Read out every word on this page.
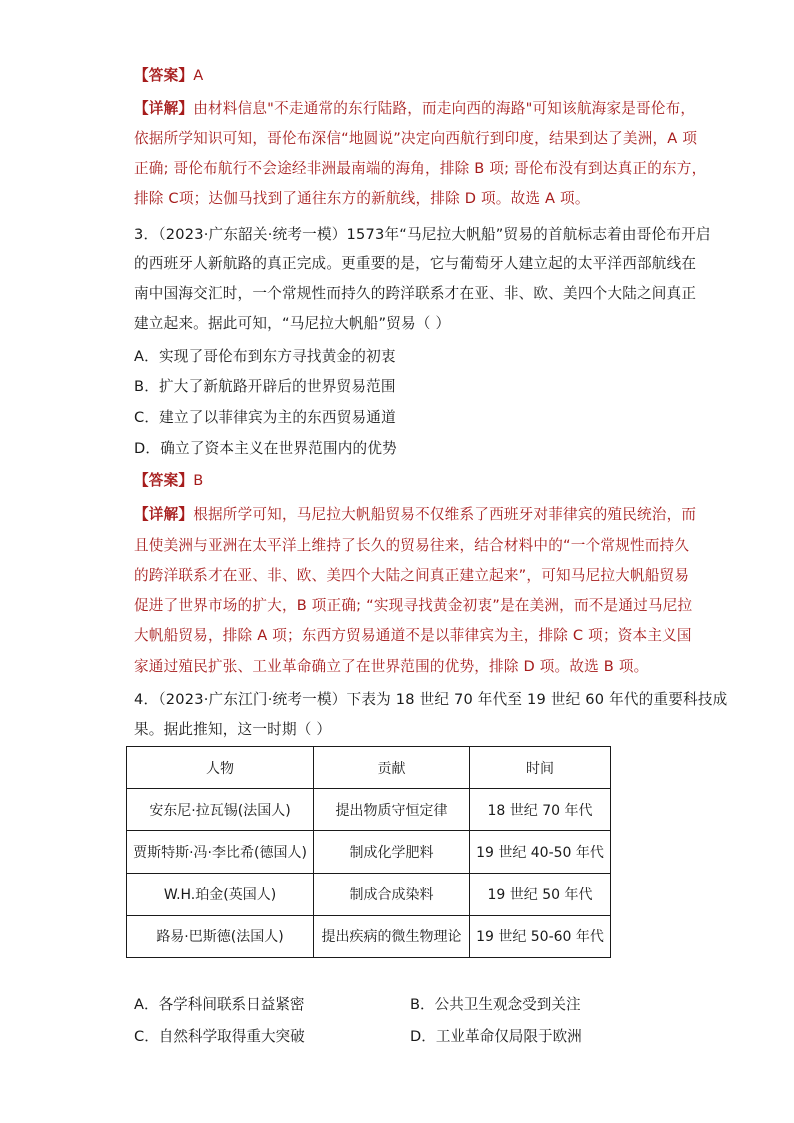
【答案】A
【详解】由材料信息"不走通常的东行陆路，而走向西的海路"可知该航海家是哥伦布，
依据所学知识可知，哥伦布深信“地圆说”决定向西航行到印度，结果到达了美洲，A 项
正确; 哥伦布航行不会途经非洲最南端的海角，排除 B 项; 哥伦布没有到达真正的东方，
排除 C项；达伽马找到了通往东方的新航线，排除 D 项。故选 A 项。
3．（2023·广东韶关·统考一模）1573年“马尼拉大帆船”贸易的首航标志着由哥伦布开启
的西班牙人新航路的真正完成。更重要的是，它与葡萄牙人建立起的太平洋西部航线在
南中国海交汇时，一个常规性而持久的跨洋联系才在亚、非、欧、美四个大陆之间真正
建立起来。据此可知，“马尼拉大帆船”贸易（ ）
A．实现了哥伦布到东方寻找黄金的初衷
B．扩大了新航路开辟后的世界贸易范围
C．建立了以菲律宾为主的东西贸易通道
D．确立了资本主义在世界范围内的优势
【答案】B
【详解】根据所学可知，马尼拉大帆船贸易不仅维系了西班牙对菲律宾的殖民统治，而
且使美洲与亚洲在太平洋上维持了长久的贸易往来，结合材料中的“一个常规性而持久
的跨洋联系才在亚、非、欧、美四个大陆之间真正建立起来”，可知马尼拉大帆船贸易
促进了世界市场的扩大，B 项正确; “实现寻找黄金初衷”是在美洲，而不是通过马尼拉
大帆船贸易，排除 A 项；东西方贸易通道不是以菲律宾为主，排除 C 项；资本主义国
家通过殖民扩张、工业革命确立了在世界范围的优势，排除 D 项。故选 B 项。
4．（2023·广东江门·统考一模）下表为 18 世纪 70 年代至 19 世纪 60 年代的重要科技成
果。据此推知，这一时期（ ）
人物	贡献	时间
安东尼·拉瓦锡(法国人)	提出物质守恒定律	18 世纪 70 年代
贾斯特斯·冯·李比希(德国人)	制成化学肥料	19 世纪 40-50 年代
W.H.珀金(英国人)	制成合成染料	19 世纪 50 年代
路易·巴斯德(法国人)	提出疾病的微生物理论	19 世纪 50-60 年代
A．各学科间联系日益紧密	B．公共卫生观念受到关注
C．自然科学取得重大突破	D．工业革命仅局限于欧洲
